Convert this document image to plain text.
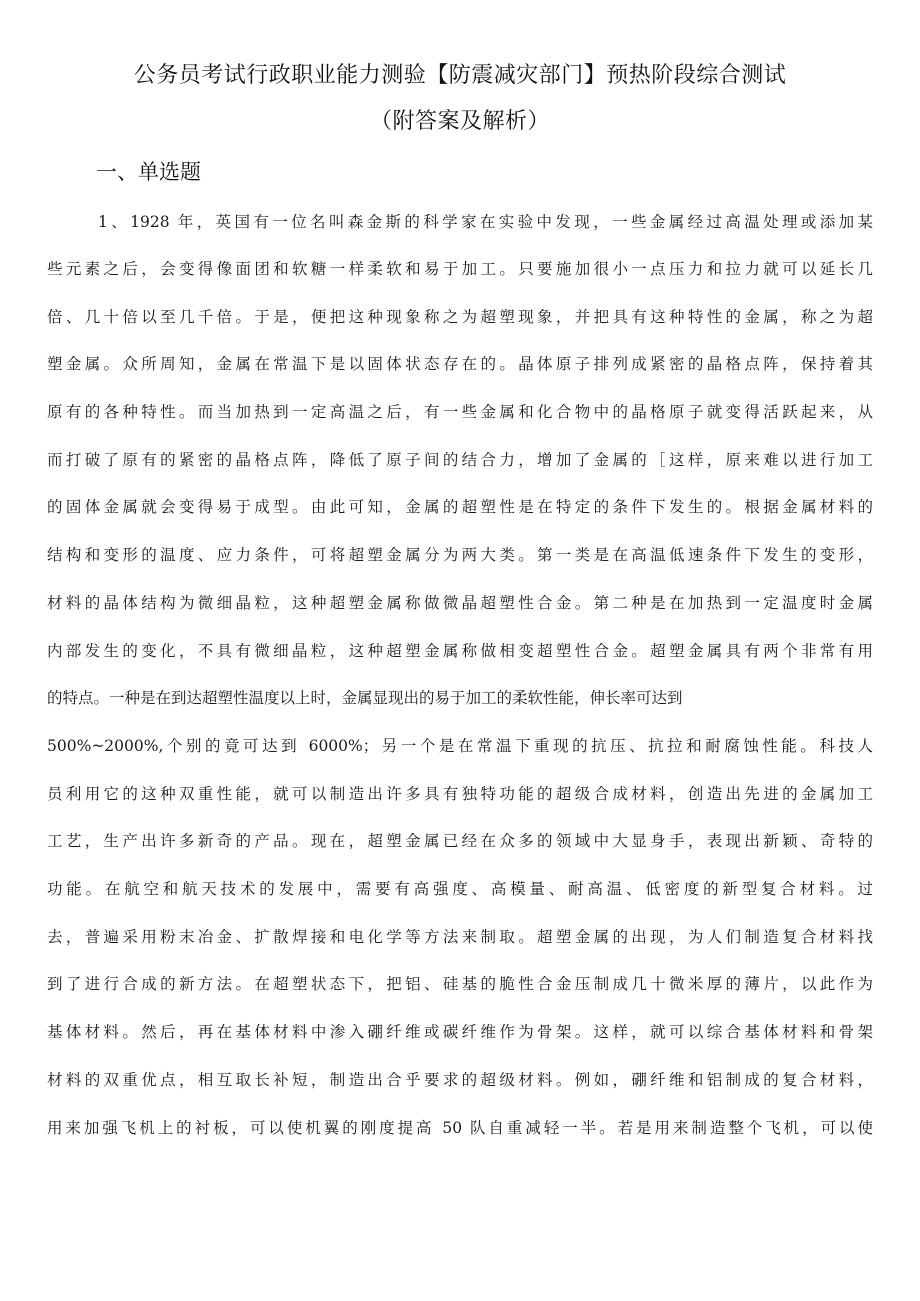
公务员考试行政职业能力测验【防震减灾部门】预热阶段综合测试
（附答案及解析）
一、单选题
1、1928 年，英国有一位名叫森金斯的科学家在实验中发现，一些金属经过高温处理或添加某
些元素之后，会变得像面团和软糖一样柔软和易于加工。只要施加很小一点压力和拉力就可以延长几
倍、几十倍以至几千倍。于是，便把这种现象称之为超塑现象，并把具有这种特性的金属，称之为超
塑金属。众所周知，金属在常温下是以固体状态存在的。晶体原子排列成紧密的晶格点阵，保持着其
原有的各种特性。而当加热到一定高温之后，有一些金属和化合物中的晶格原子就变得活跃起来，从
而打破了原有的紧密的晶格点阵，降低了原子间的结合力，增加了金属的［这样，原来难以进行加工
的固体金属就会变得易于成型。由此可知，金属的超塑性是在特定的条件下发生的。根据金属材料的
结构和变形的温度、应力条件，可将超塑金属分为两大类。第一类是在高温低速条件下发生的变形，
材料的晶体结构为微细晶粒，这种超塑金属称做微晶超塑性合金。第二种是在加热到一定温度时金属
内部发生的变化，不具有微细晶粒，这种超塑金属称做相变超塑性合金。超塑金属具有两个非常有用
的特点。一种是在到达超塑性温度以上时，金属显现出的易于加工的柔软性能，伸长率可达到
500%~2000%,个别的竟可达到 6000%；另一个是在常温下重现的抗压、抗拉和耐腐蚀性能。科技人
员利用它的这种双重性能，就可以制造出许多具有独特功能的超级合成材料，创造出先进的金属加工
工艺，生产出许多新奇的产品。现在，超塑金属已经在众多的领域中大显身手，表现出新颖、奇特的
功能。在航空和航天技术的发展中，需要有高强度、高模量、耐高温、低密度的新型复合材料。过
去，普遍采用粉末冶金、扩散焊接和电化学等方法来制取。超塑金属的出现，为人们制造复合材料找
到了进行合成的新方法。在超塑状态下，把铝、硅基的脆性合金压制成几十微米厚的薄片，以此作为
基体材料。然后，再在基体材料中渗入硼纤维或碳纤维作为骨架。这样，就可以综合基体材料和骨架
材料的双重优点，相互取长补短，制造出合乎要求的超级材料。例如，硼纤维和铝制成的复合材料，
用来加强飞机上的衬板，可以使机翼的刚度提高 50 队自重减轻一半。若是用来制造整个飞机，可以使
